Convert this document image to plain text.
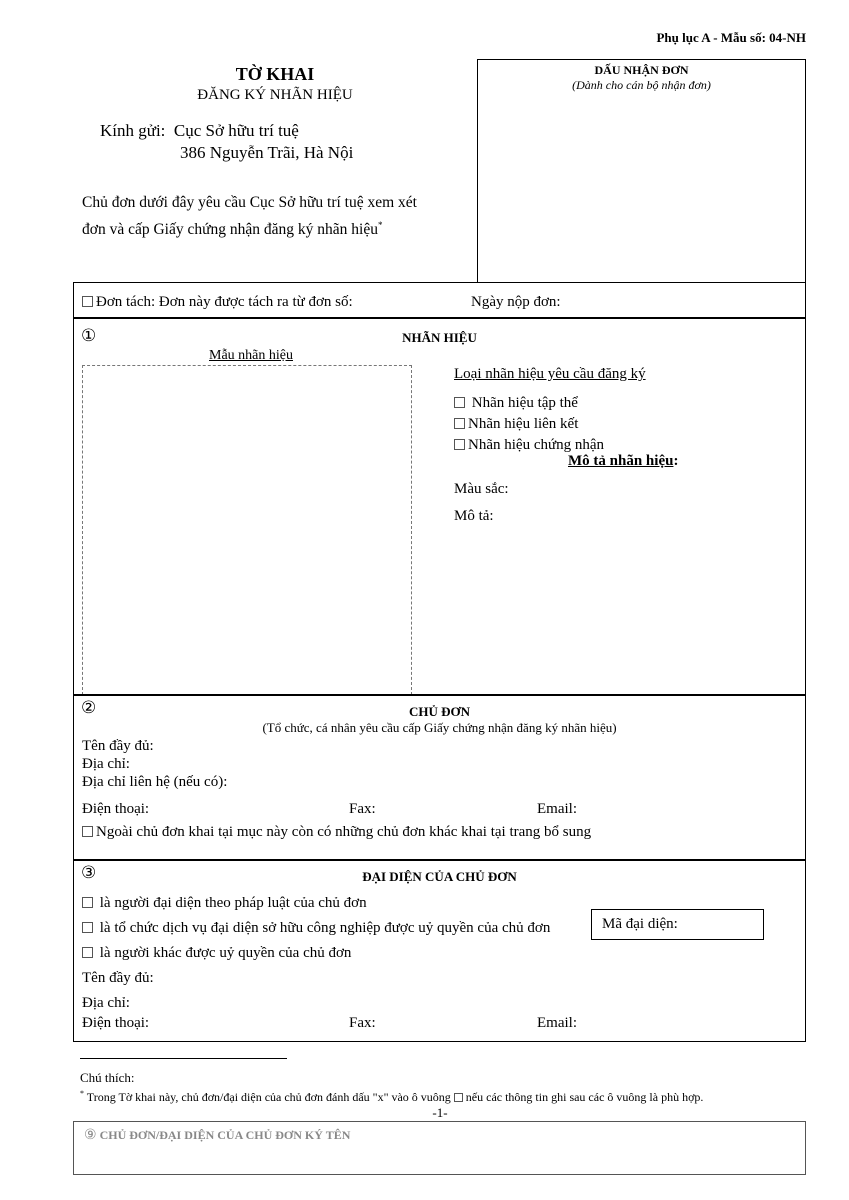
Phụ lục A - Mẫu số: 04-NH
TỜ KHAI
ĐĂNG KÝ NHÃN HIỆU
Kính gửi: Cục Sở hữu trí tuệ
386 Nguyễn Trãi, Hà Nội
Chủ đơn dưới đây yêu cầu Cục Sở hữu trí tuệ xem xét
đơn và cấp Giấy chứng nhận đăng ký nhãn hiệu*
DẤU NHẬN ĐƠN
(Dành cho cán bộ nhận đơn)
Đơn tách: Đơn này được tách ra từ đơn số:	Ngày nộp đơn:
①	NHÃN HIỆU
Mẫu nhãn hiệu
Loại nhãn hiệu yêu cầu đăng ký
Nhãn hiệu tập thể
Nhãn hiệu liên kết
Nhãn hiệu chứng nhận
Mô tả nhãn hiệu:
Màu sắc:
Mô tả:
②	CHỦ ĐƠN
(Tổ chức, cá nhân yêu cầu cấp Giấy chứng nhận đăng ký nhãn hiệu)
Tên đầy đủ:
Địa chỉ:
Địa chỉ liên hệ (nếu có):
Điện thoại:	Fax:	Email:
Ngoài chủ đơn khai tại mục này còn có những chủ đơn khác khai tại trang bổ sung
③	ĐẠI DIỆN CỦA CHỦ ĐƠN
là người đại diện theo pháp luật của chủ đơn
là tổ chức dịch vụ đại diện sở hữu công nghiệp được uỷ quyền của chủ đơn
là người khác được uỷ quyền của chủ đơn
Tên đầy đủ:
Địa chỉ:
Mã đại diện:
Điện thoại:	Fax:	Email:
Chú thích:
* Trong Tờ khai này, chủ đơn/đại diện của chủ đơn đánh dấu "x" vào ô vuông nếu các thông tin ghi sau các ô vuông là phù hợp.
-1-
⑨ CHỦ ĐƠN/ĐẠI DIỆN CỦA CHỦ ĐƠN KÝ TÊN
